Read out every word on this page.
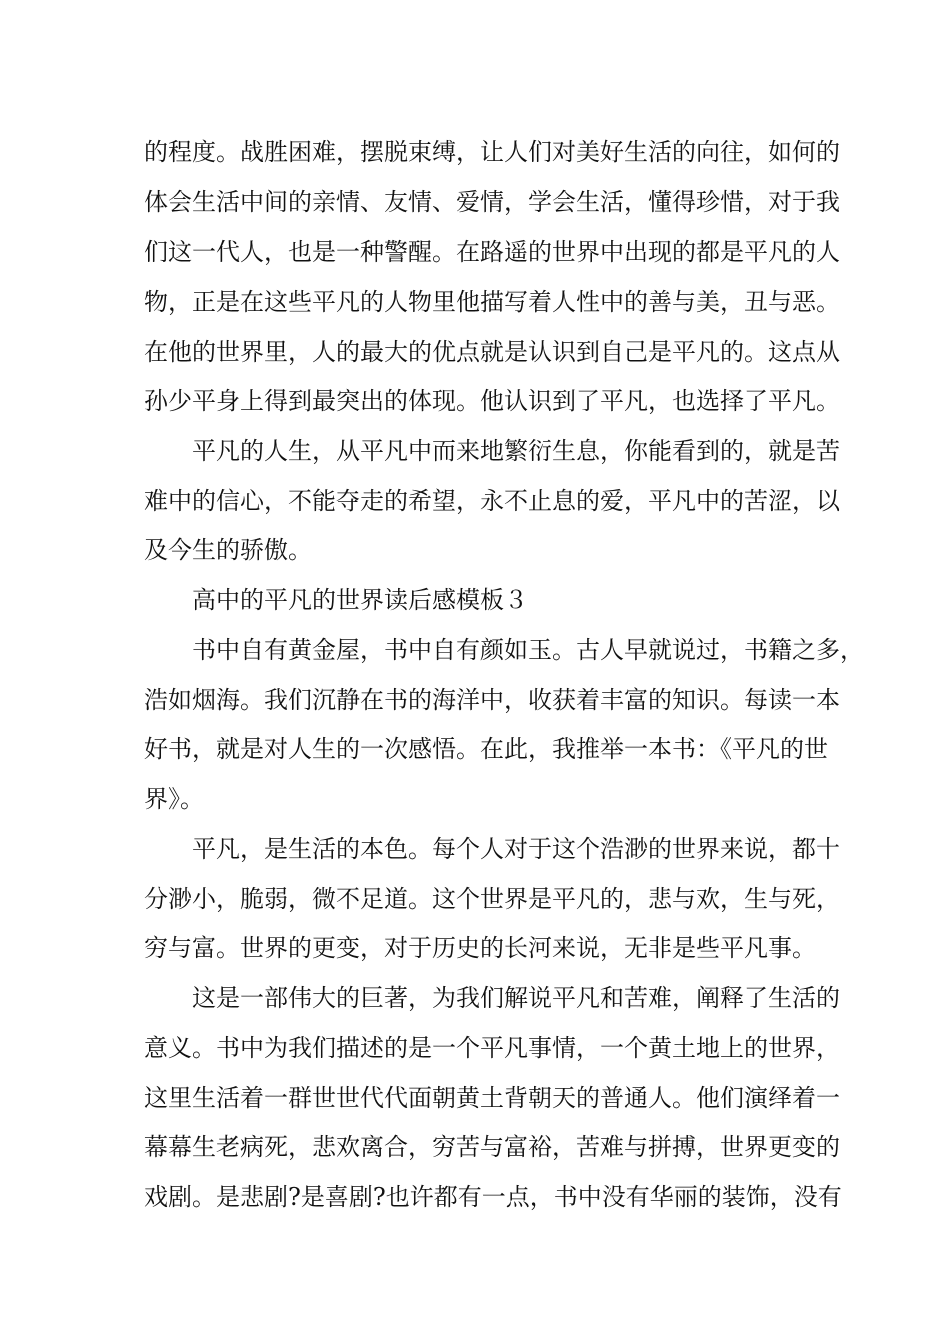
的程度。战胜困难，摆脱束缚，让人们对美好生活的向往，如何的
体会生活中间的亲情、友情、爱情，学会生活，懂得珍惜，对于我
们这一代人，也是一种警醒。在路遥的世界中出现的都是平凡的人
物，正是在这些平凡的人物里他描写着人性中的善与美，丑与恶。
在他的世界里，人的最大的优点就是认识到自己是平凡的。这点从
孙少平身上得到最突出的体现。他认识到了平凡，也选择了平凡。
平凡的人生，从平凡中而来地繁衍生息，你能看到的，就是苦
难中的信心，不能夺走的希望，永不止息的爱，平凡中的苦涩，以
及今生的骄傲。
高中的平凡的世界读后感模板３
书中自有黄金屋，书中自有颜如玉。古人早就说过，书籍之多，
浩如烟海。我们沉静在书的海洋中，收获着丰富的知识。每读一本
好书，就是对人生的一次感悟。在此，我推举一本书：《平凡的世
界》。
平凡，是生活的本色。每个人对于这个浩渺的世界来说，都十
分渺小，脆弱，微不足道。这个世界是平凡的，悲与欢，生与死，
穷与富。世界的更变，对于历史的长河来说，无非是些平凡事。
这是一部伟大的巨著，为我们解说平凡和苦难，阐释了生活的
意义。书中为我们描述的是一个平凡事情，一个黄土地上的世界，
这里生活着一群世世代代面朝黄土背朝天的普通人。他们演绎着一
幕幕生老病死，悲欢离合，穷苦与富裕，苦难与拼搏，世界更变的
戏剧。是悲剧?是喜剧?也许都有一点，书中没有华丽的装饰，没有
